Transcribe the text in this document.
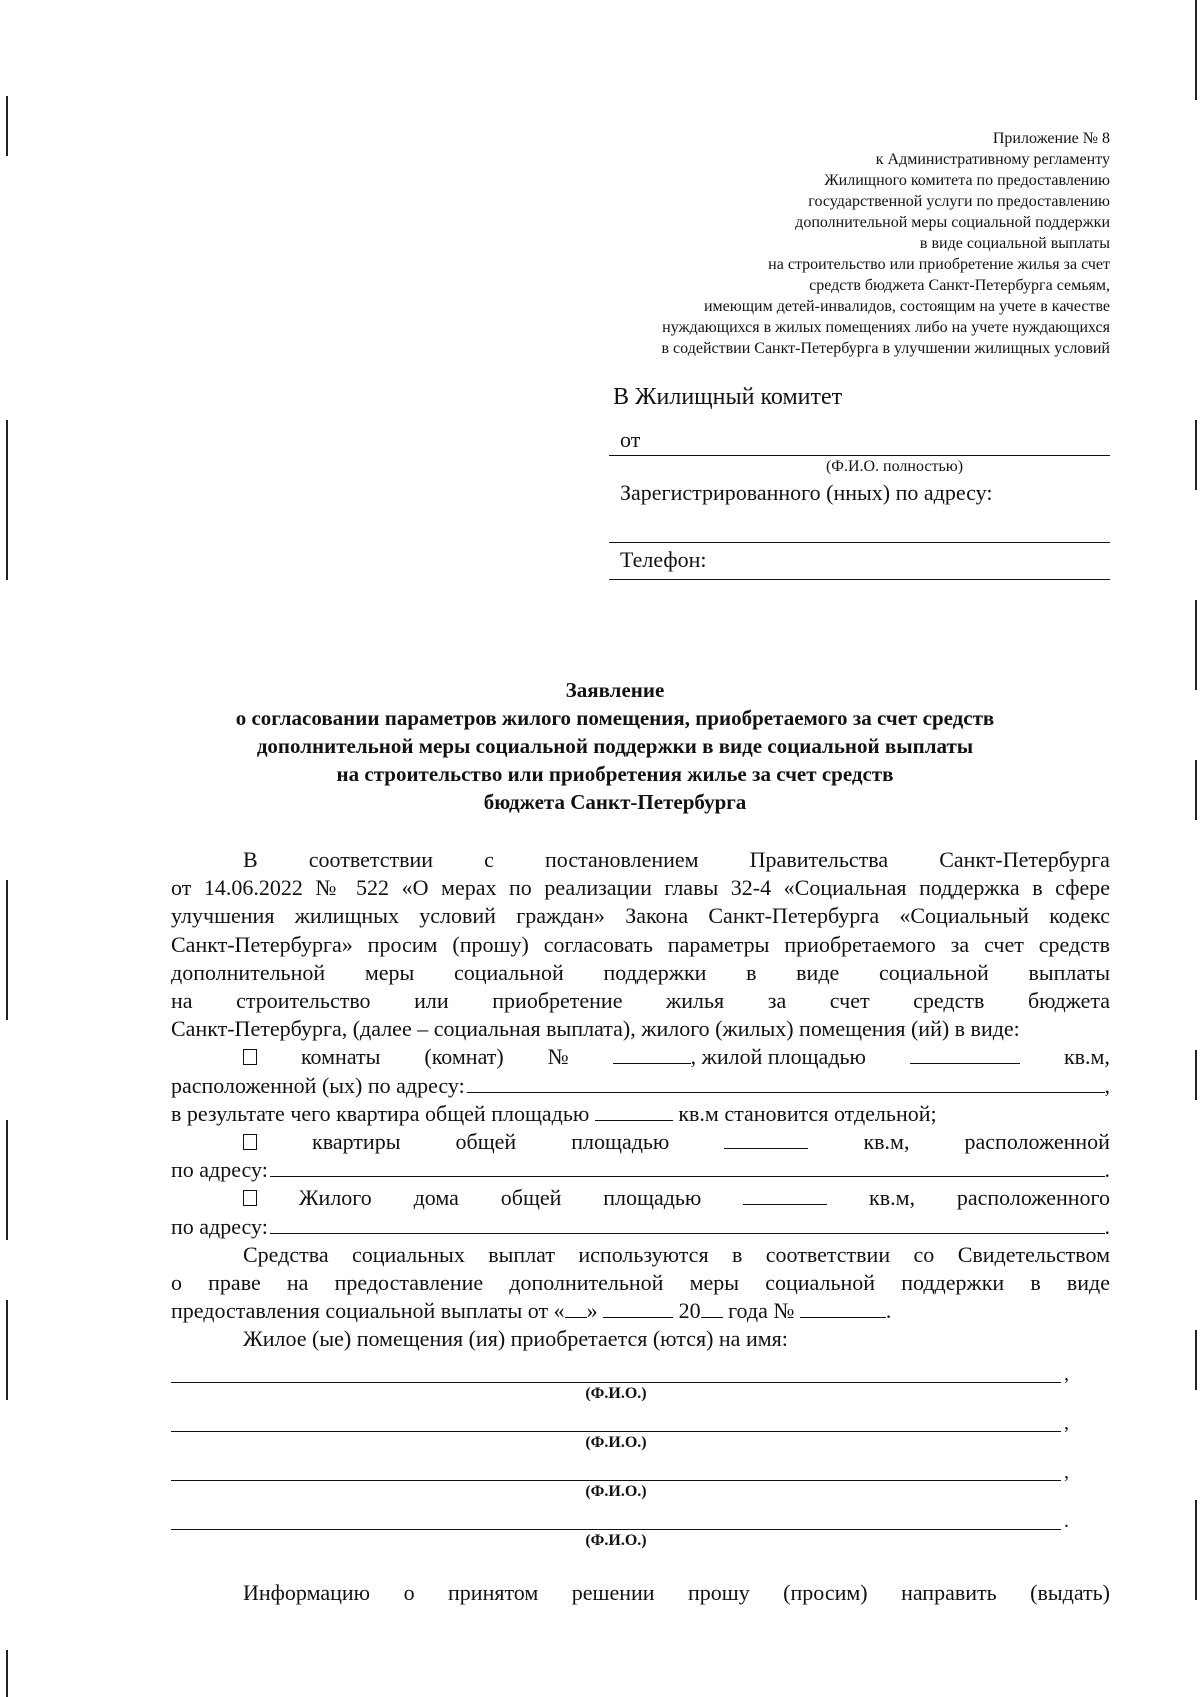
Приложение № 8
к Административному регламенту
Жилищного комитета по предоставлению
государственной услуги по предоставлению
дополнительной меры социальной поддержки
в виде социальной выплаты
на строительство или приобретение жилья за счет
средств бюджета Санкт-Петербурга семьям,
имеющим детей-инвалидов, состоящим на учете в качестве
нуждающихся в жилых помещениях либо на учете нуждающихся
в содействии Санкт-Петербурга в улучшении жилищных условий
В Жилищный комитет
от
(Ф.И.О. полностью)
Зарегистрированного (нных) по адресу:
Телефон:
Заявление
о согласовании параметров жилого помещения, приобретаемого за счет средств
дополнительной меры социальной поддержки в виде социальной выплаты
на строительство или приобретения жилье за счет средств
бюджета Санкт-Петербурга
В соответствии с постановлением Правительства Санкт-Петербурга
от 14.06.2022 № 522 «О мерах по реализации главы 32-4 «Социальная поддержка в сфере
улучшения жилищных условий граждан» Закона Санкт-Петербурга «Социальный кодекс
Санкт-Петербурга» просим (прошу) согласовать параметры приобретаемого за счет средств
дополнительной меры социальной поддержки в виде социальной выплаты
на строительство или приобретение жилья за счет средств бюджета
Санкт-Петербурга, (далее – социальная выплата), жилого (жилых) помещения (ий) в виде:
комнаты (комнат) №	, жилой площадью	кв.м,
расположенной (ых) по адресу:	,
в результате чего квартира общей площадью	кв.м становится отдельной;
квартиры	общей	площадью	кв.м,	расположенной
по адресу:	.
Жилого дома общей площадью	кв.м, расположенного
по адресу:	.
Средства социальных выплат используются в соответствии со Свидетельством
о праве на предоставление дополнительной меры социальной поддержки в виде
предоставления социальной выплаты от « »	20 года №	.
Жилое (ые) помещения (ия) приобретается (ются) на имя:
,
(Ф.И.О.)
,
(Ф.И.О.)
,
(Ф.И.О.)
.
(Ф.И.О.)
Информацию о принятом решении прошу (просим) направить (выдать)
